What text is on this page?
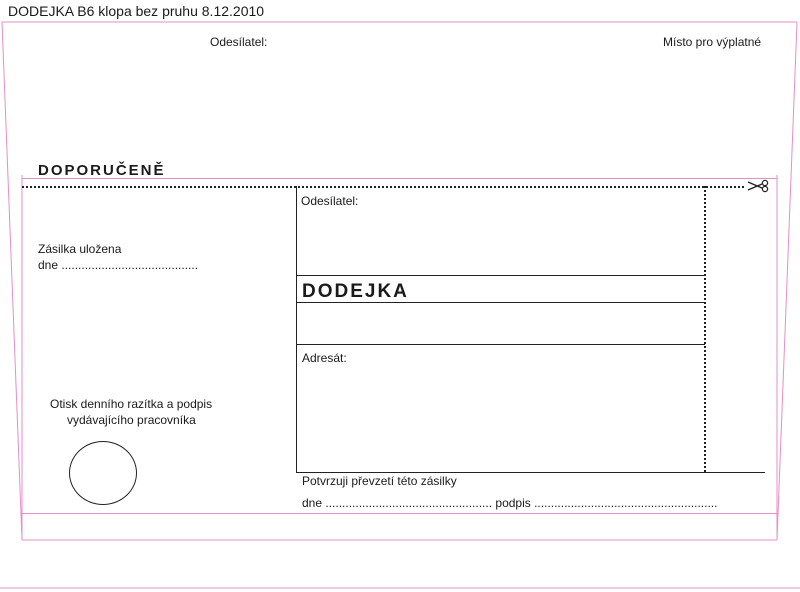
DODEJKA B6 klopa bez pruhu 8.12.2010
Odesílatel:	Místo pro výplatné
DOPORUČENĚ
Zásilka uložena
dne .........................................
Otisk denního razítka a podpis
vydávajícího pracovníka
Odesílatel:
DODEJKA
Adresát:
Potvrzuji převzetí této zásilky
dne .................................................. podpis .......................................................
